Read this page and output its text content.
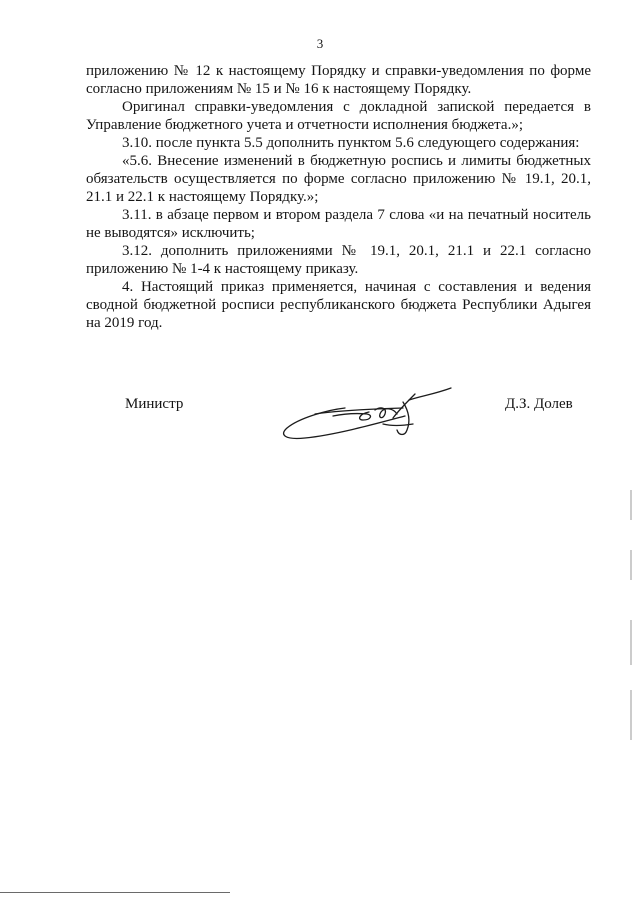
3

приложению № 12 к настоящему Порядку и справки-уведомления по форме
согласно приложениям № 15 и № 16 к настоящему Порядку.

Оригинал справки-уведомления с докладной запиской передается в
Управление бюджетного учета и отчетности исполнения бюджета.»;

3.10. после пункта 5.5 дополнить пунктом 5.6 следующего содержания:

«5.6. Внесение изменений в бюджетную роспись и лимиты бюджетных
обязательств осуществляется по форме согласно приложению № 19.1, 20.1,
21.1 и 22.1 к настоящему Порядку.»;

3.11. в абзаце первом и втором раздела 7 слова «и на печатный носитель
не выводятся» исключить;

3.12. дополнить приложениями № 19.1, 20.1, 21.1 и 22.1 согласно
приложению № 1-4 к настоящему приказу.

4. Настоящий приказ применяется, начиная с составления и ведения
сводной бюджетной росписи республиканского бюджета Республики Адыгея
на 2019 год.

Министр	Д.З. Долев
